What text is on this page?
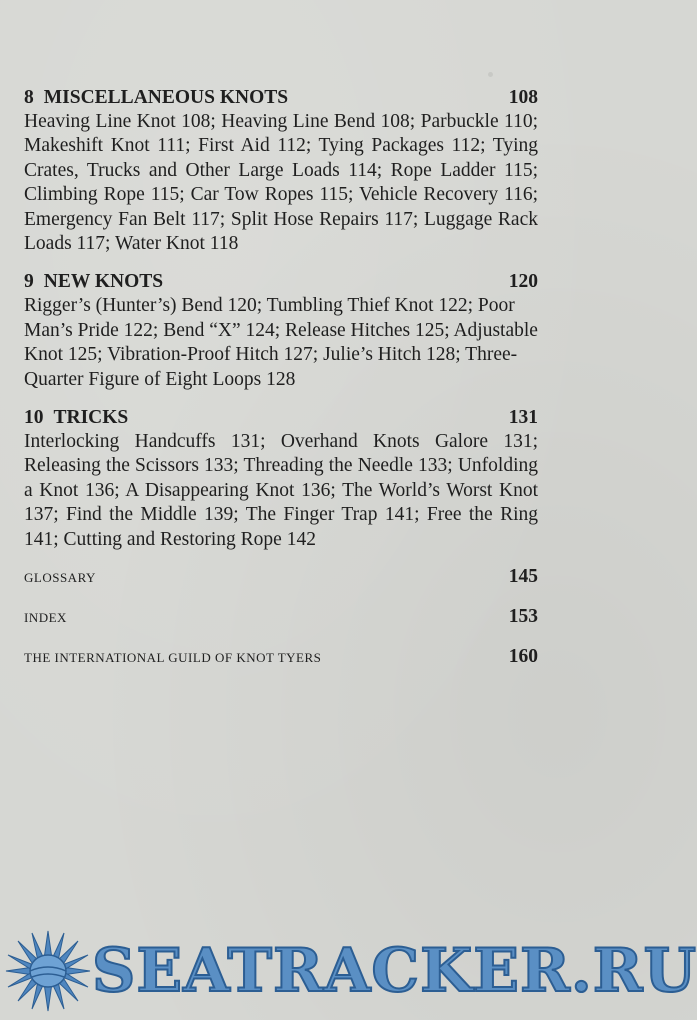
8 MISCELLANEOUS KNOTS	108

Heaving Line Knot 108; Heaving Line Bend 108; Parbuckle 110; Makeshift Knot 111; First Aid 112; Tying Packages 112; Tying Crates, Trucks and Other Large Loads 114; Rope Ladder 115; Climbing Rope 115; Car Tow Ropes 115; Vehicle Recovery 116; Emergency Fan Belt 117; Split Hose Repairs 117; Luggage Rack Loads 117; Water Knot 118

9 NEW KNOTS	120

Rigger’s (Hunter’s) Bend 120; Tumbling Thief Knot 122; Poor Man’s Pride 122; Bend “X” 124; Release Hitches 125; Adjustable Knot 125; Vibration-Proof Hitch 127; Julie’s Hitch 128; Three-Quarter Figure of Eight Loops 128

10 TRICKS	131

Interlocking Handcuffs 131; Overhand Knots Galore 131; Releasing the Scissors 133; Threading the Needle 133; Unfolding a Knot 136; A Disappearing Knot 136; The World’s Worst Knot 137; Find the Middle 139; The Finger Trap 141; Free the Ring 141; Cutting and Restoring Rope 142

GLOSSARY	145
INDEX	153
THE INTERNATIONAL GUILD OF KNOT TYERS	160
SEATRACKER.RU
